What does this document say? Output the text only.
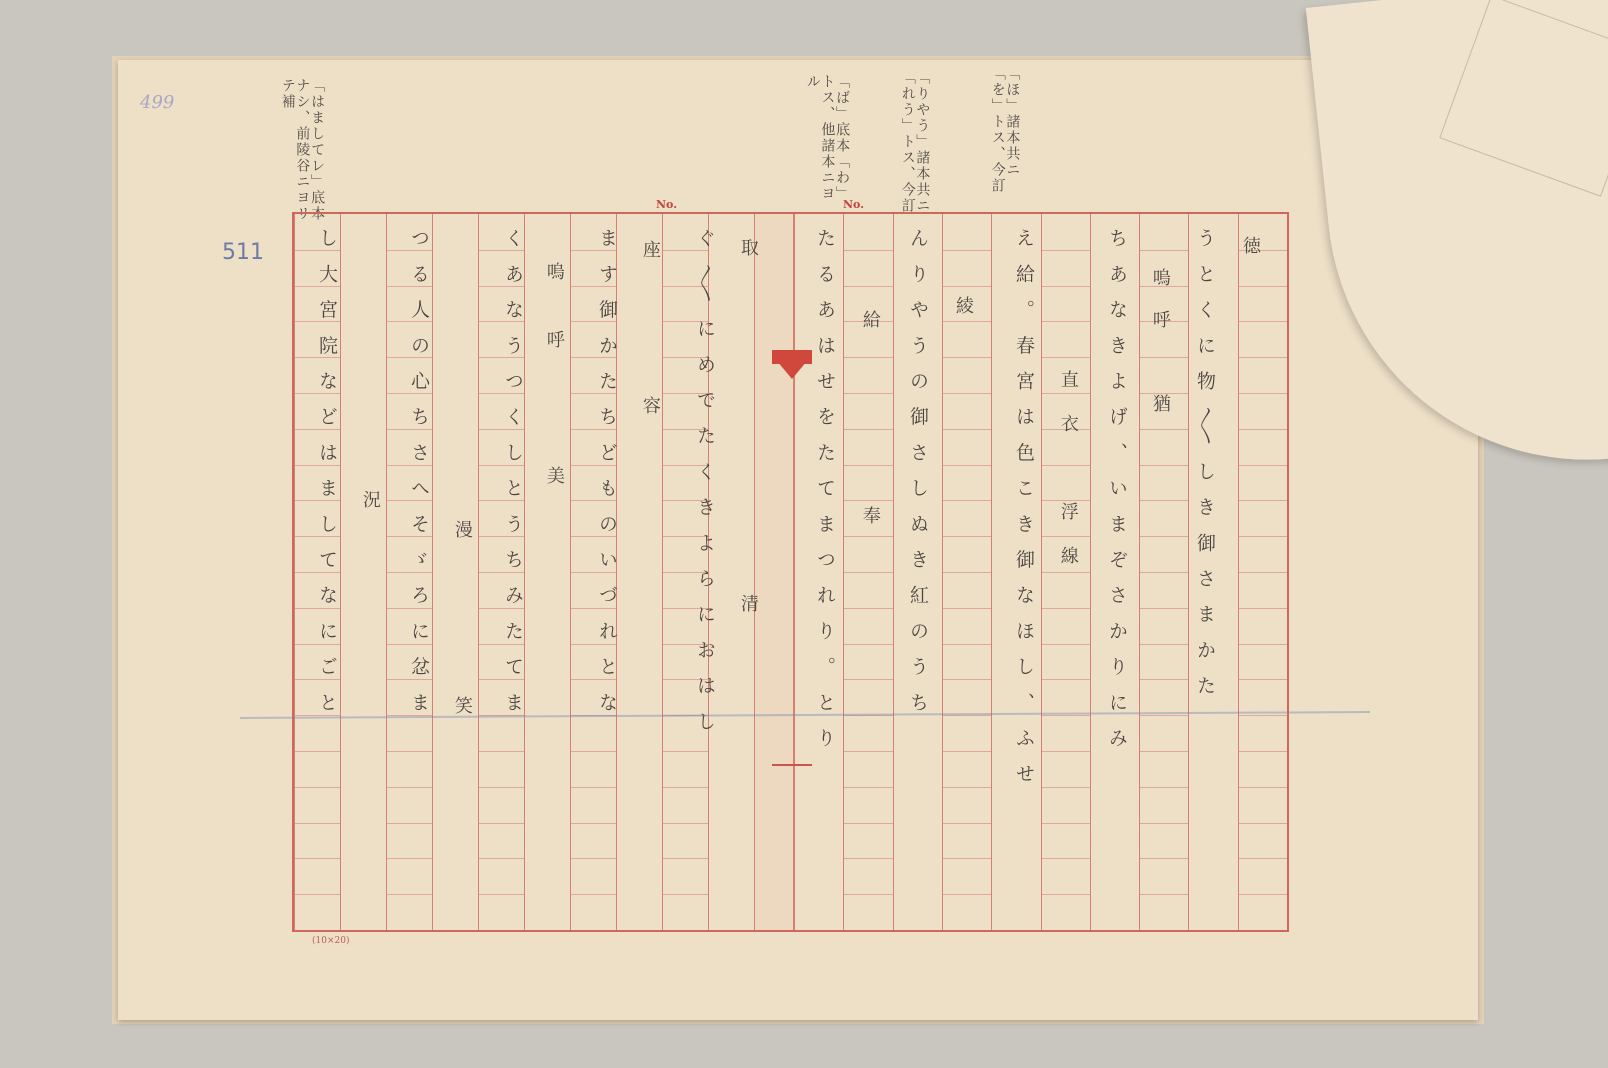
499
511
No.	No.
「ほ」諸本共ニ「を」トス、今訂
「りやう」諸本共ニ「れう」トス、今訂
「ば」底本「わ」トス、他諸本ニヨル
「はましてレ」底本ナシ、前陵谷ニヨリテ補
うとくに物〳〵しき御さまかた
ちあなきよげ、いまぞさかりにみ
え給。春宮は色こき御なほし、ふせ
んりやうの御さしぬき紅のうち
たるあはせをたてまつれり。とり
ぐ〳〵にめでたくきよらにおはし
ます御かたちどものいづれとな
くあなうつくしとうちみたてま
つる人の心ちさへそゞろに忿ま
し大宮院などはましてなにごと	徳
嗚呼　猶
直衣　浮線
綾
給　奉
取　清
座　容
嗚呼　美
漫　笑
況
(10×20)
